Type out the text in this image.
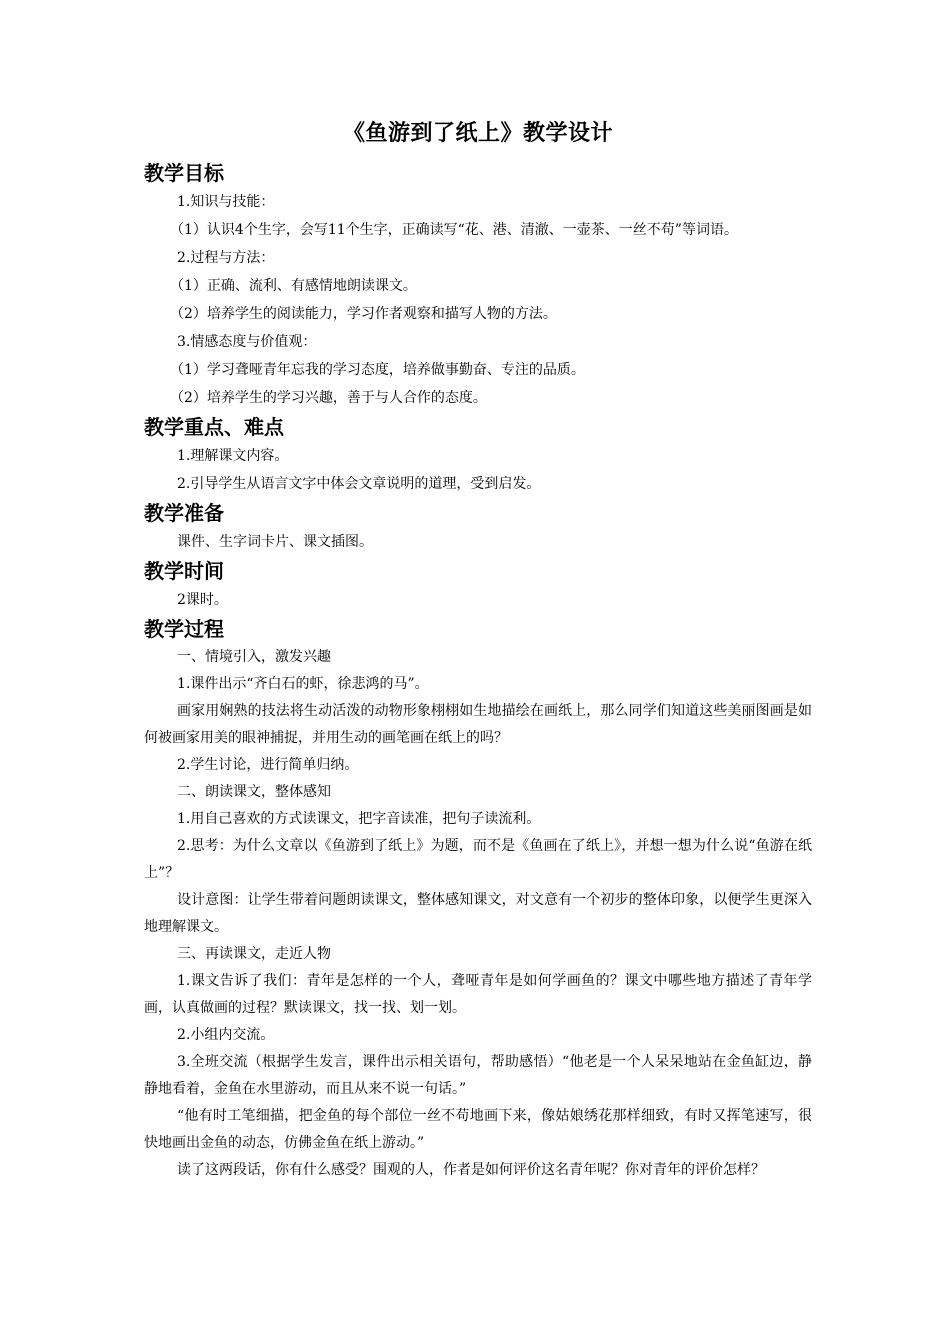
《鱼游到了纸上》教学设计
教学目标

1.知识与技能：

（1）认识4个生字，会写11个生字，正确读写“花、港、清澈、一壶茶、一丝不苟”等词语。

2.过程与方法：

（1）正确、流利、有感情地朗读课文。

（2）培养学生的阅读能力，学习作者观察和描写人物的方法。

3.情感态度与价值观：

（1）学习聋哑青年忘我的学习态度，培养做事勤奋、专注的品质。

（2）培养学生的学习兴趣，善于与人合作的态度。

教学重点、难点

1.理解课文内容。

2.引导学生从语言文字中体会文章说明的道理，受到启发。

教学准备

课件、生字词卡片、课文插图。

教学时间

2课时。

教学过程

一、情境引入，激发兴趣

1.课件出示“齐白石的虾，徐悲鸿的马”。

画家用娴熟的技法将生动活泼的动物形象栩栩如生地描绘在画纸上，那么同学们知道这些美丽图画是如何被画家用美的眼神捕捉，并用生动的画笔画在纸上的吗？

2.学生讨论，进行简单归纳。

二、朗读课文，整体感知

1.用自己喜欢的方式读课文，把字音读准，把句子读流利。

2.思考：为什么文章以《鱼游到了纸上》为题，而不是《鱼画在了纸上》，并想一想为什么说“鱼游在纸上”？

设计意图：让学生带着问题朗读课文，整体感知课文，对文意有一个初步的整体印象，以便学生更深入地理解课文。

三、再读课文，走近人物

1.课文告诉了我们：青年是怎样的一个人，聋哑青年是如何学画鱼的？课文中哪些地方描述了青年学画，认真做画的过程？默读课文，找一找、划一划。

2.小组内交流。

3.全班交流（根据学生发言，课件出示相关语句，帮助感悟）“他老是一个人呆呆地站在金鱼缸边，静静地看着，金鱼在水里游动，而且从来不说一句话。”

“他有时工笔细描，把金鱼的每个部位一丝不苟地画下来，像姑娘绣花那样细致，有时又挥笔速写，很快地画出金鱼的动态，仿佛金鱼在纸上游动。”

读了这两段话，你有什么感受？围观的人，作者是如何评价这名青年呢？你对青年的评价怎样？
